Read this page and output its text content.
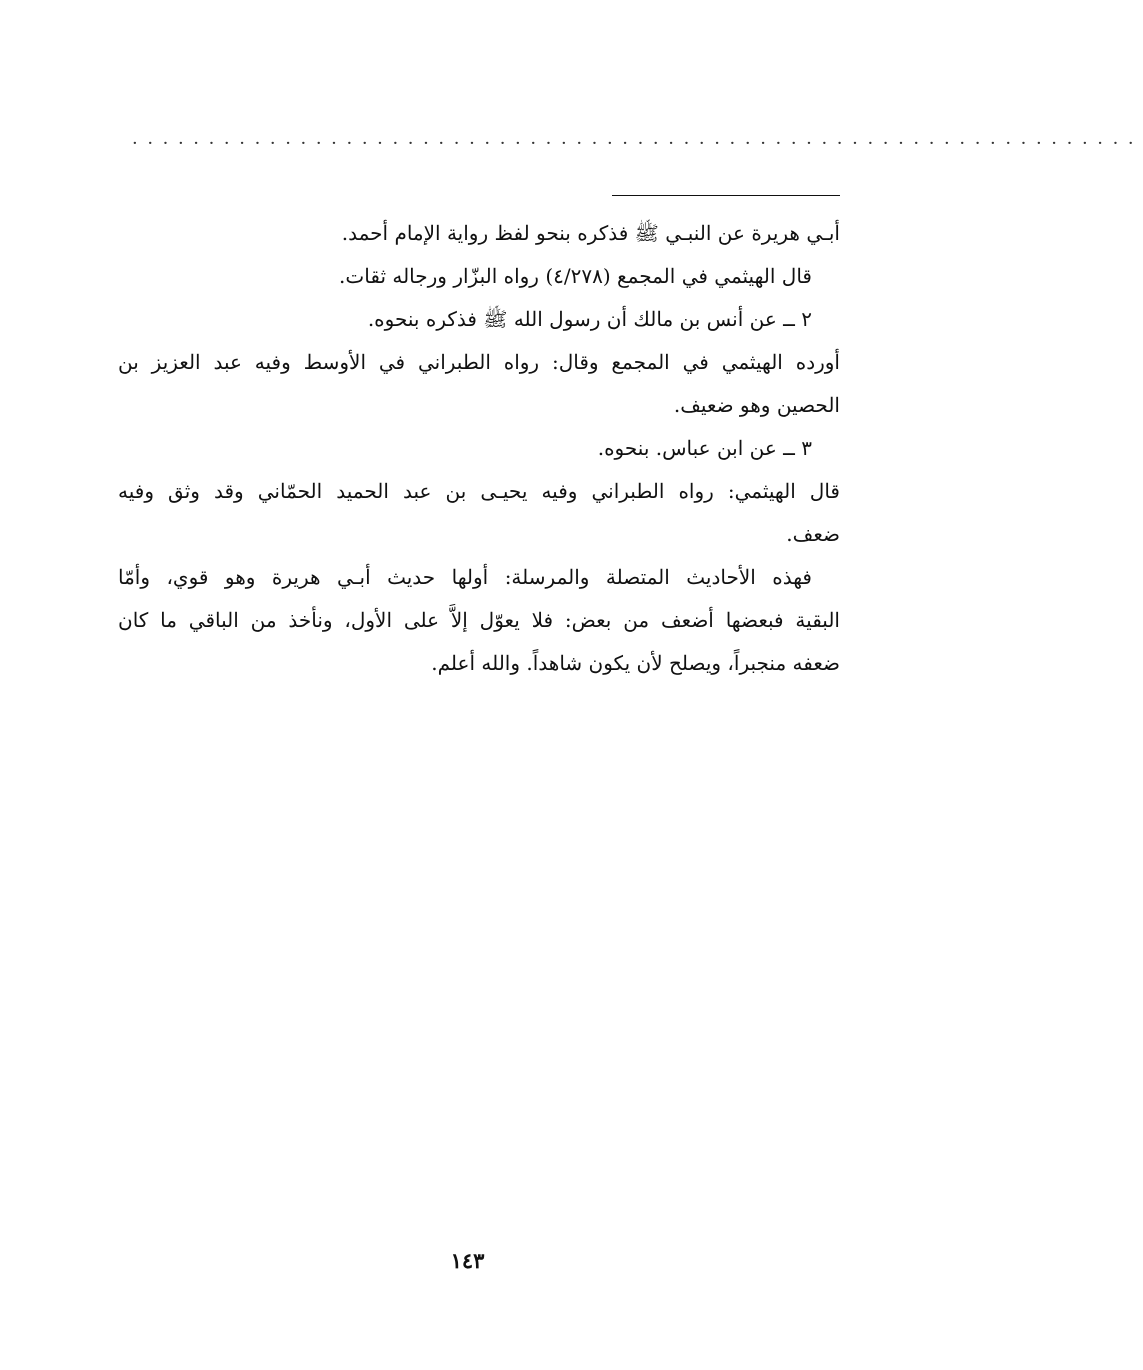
··································································
أبـي هريرة عن النبـي ﷺ فذكره بنحو لفظ رواية الإمام أحمد.
قال الهيثمي في المجمع (٤/٢٧٨) رواه البزّار ورجاله ثقات.
٢ ــ عن أنس بن مالك أن رسول الله ﷺ فذكره بنحوه.
أورده الهيثمي في المجمع وقال: رواه الطبراني في الأوسط وفيه عبد العزيز بن
الحصين وهو ضعيف.
٣ ــ عن ابن عباس. بنحوه.
قال الهيثمي: رواه الطبراني وفيه يحيـى بن عبد الحميد الحمّاني وقد وثق وفيه
ضعف.
فهذه الأحاديث المتصلة والمرسلة: أولها حديث أبـي هريرة وهو قوي، وأمّا
البقية فبعضها أضعف من بعض: فلا يعوّل إلاَّ على الأول، ونأخذ من الباقي ما كان
ضعفه منجبراً، ويصلح لأن يكون شاهداً. والله أعلم.
١٤٣
